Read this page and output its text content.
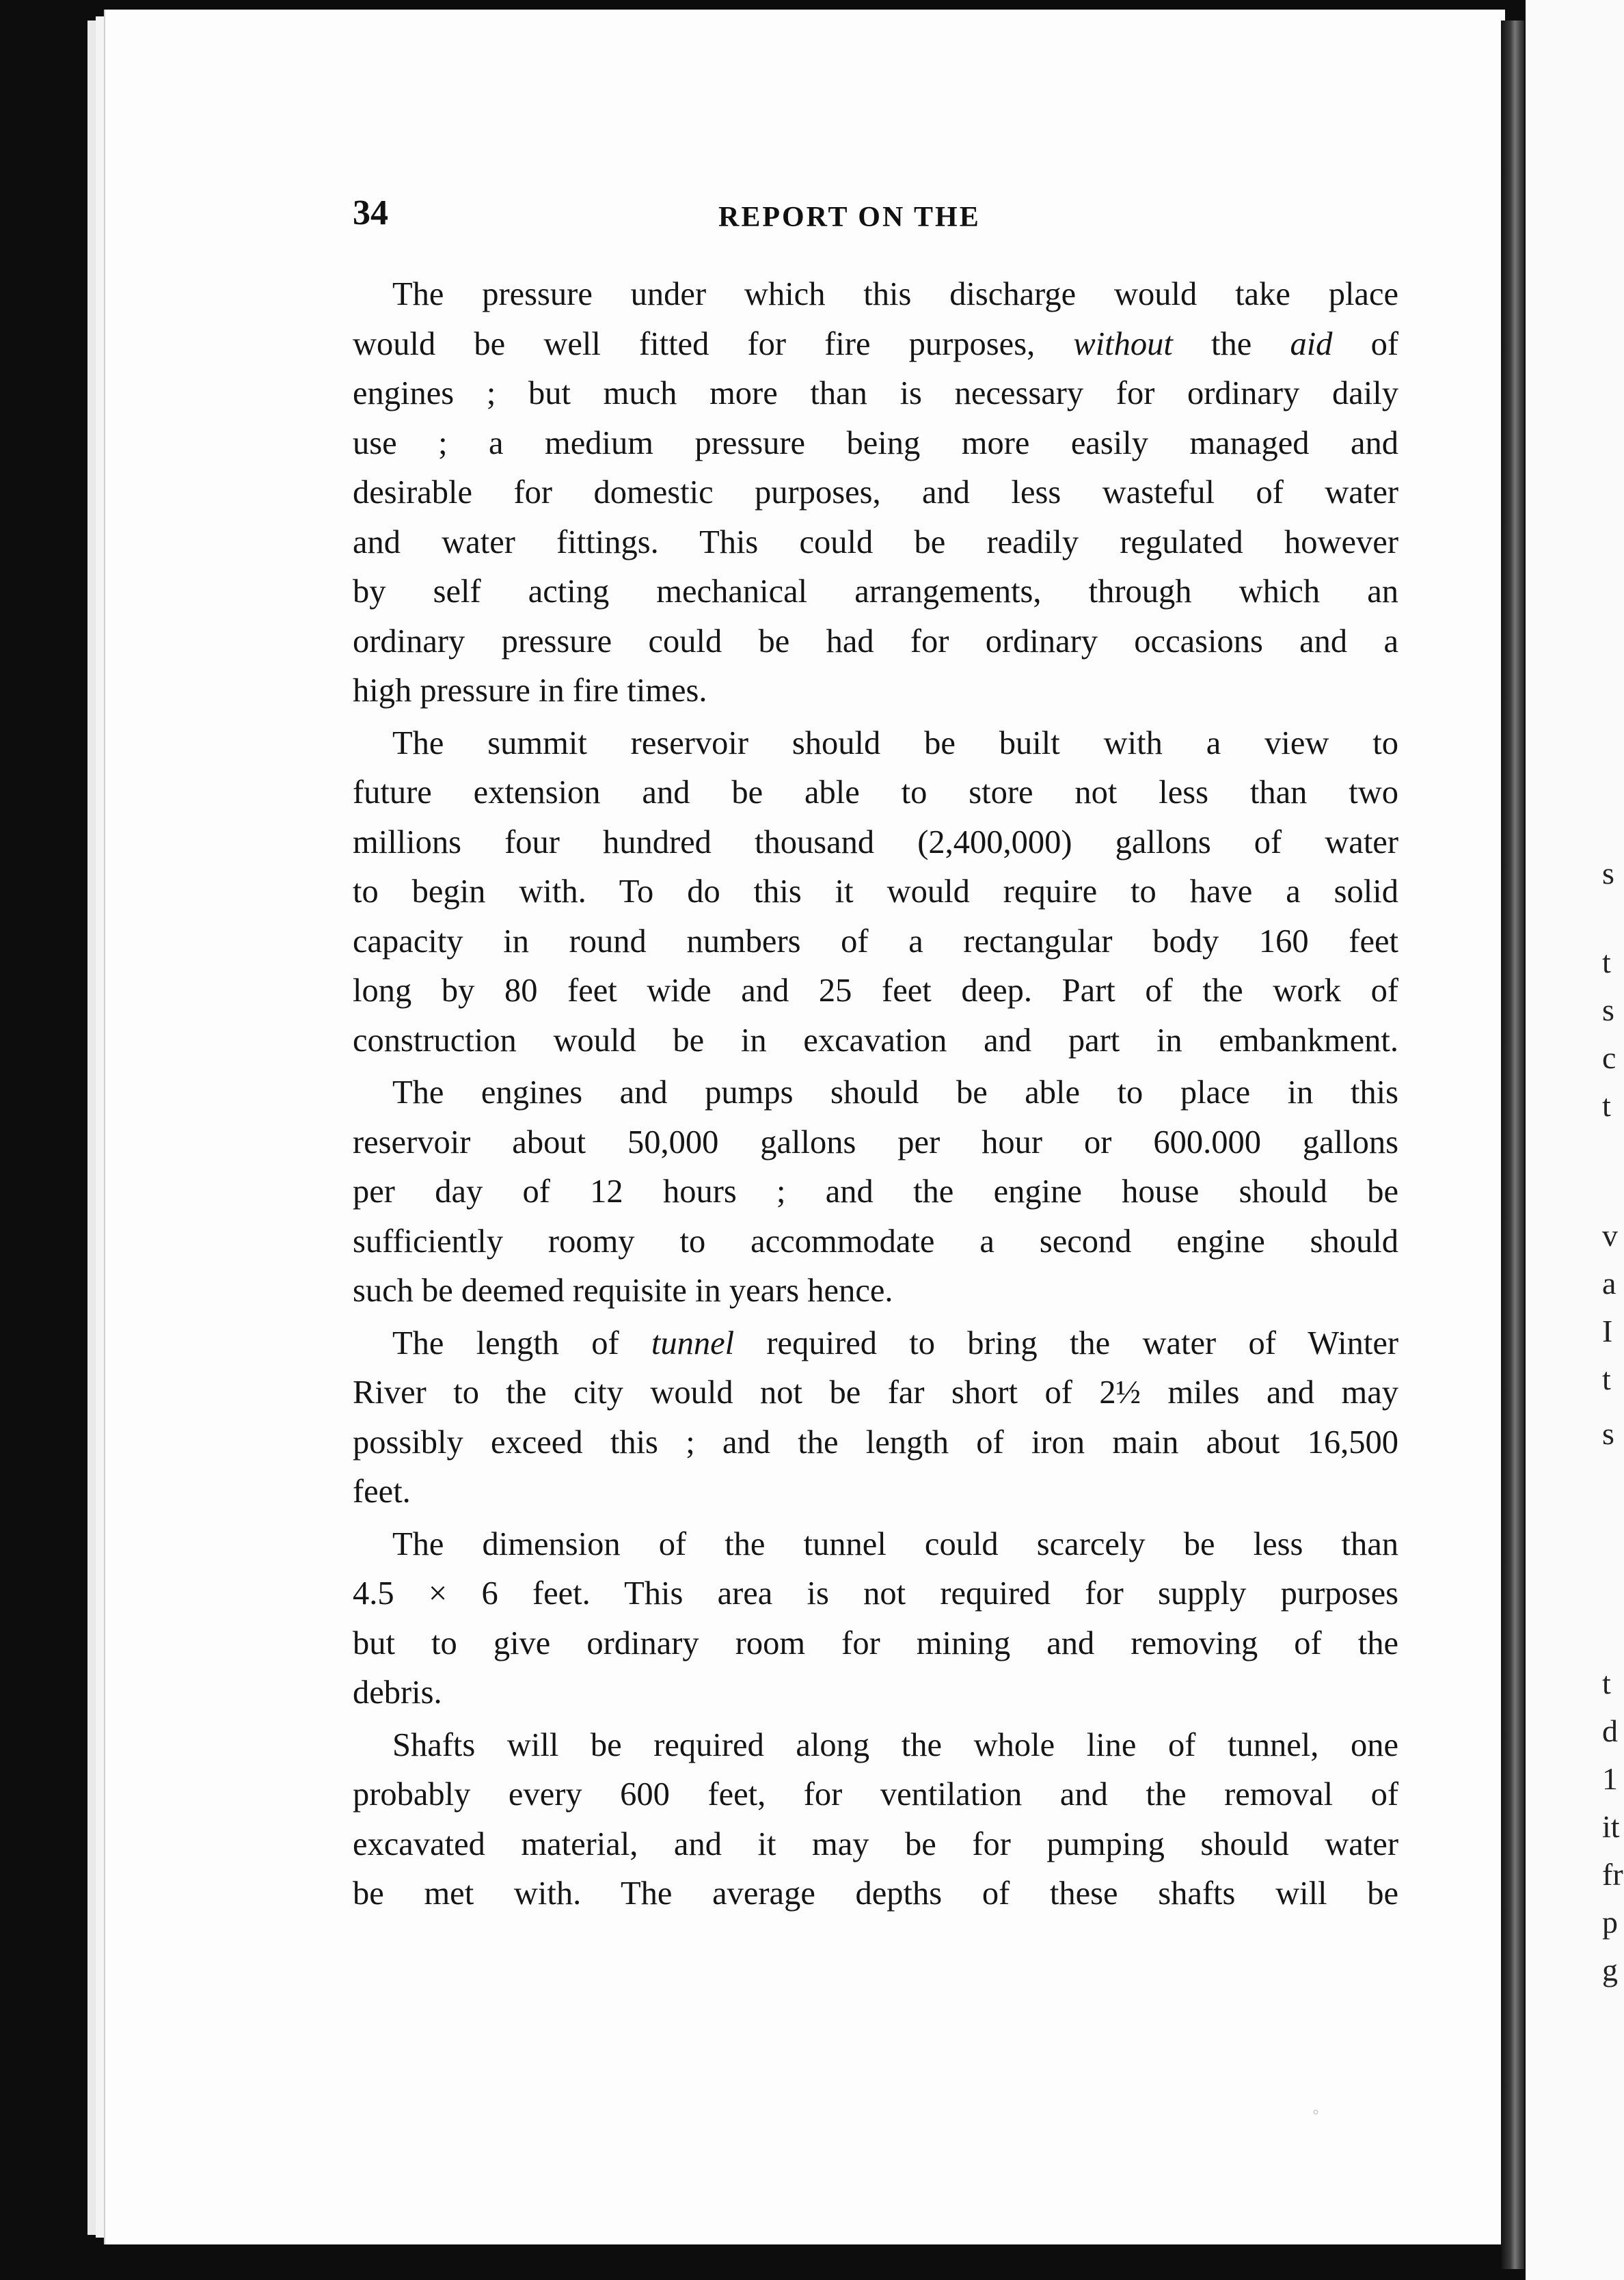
34	REPORT ON THE
The pressure under which this discharge would take place
would be well fitted for fire purposes, without the aid of
engines ; but much more than is necessary for ordinary daily
use ; a medium pressure being more easily managed and
desirable for domestic purposes, and less wasteful of water
and water fittings. This could be readily regulated however
by self acting mechanical arrangements, through which an
ordinary pressure could be had for ordinary occasions and a
high pressure in fire times.
The summit reservoir should be built with a view to
future extension and be able to store not less than two
millions four hundred thousand (2,400,000) gallons of water
to begin with. To do this it would require to have a solid
capacity in round numbers of a rectangular body 160 feet
long by 80 feet wide and 25 feet deep. Part of the work of
construction would be in excavation and part in embankment.
The engines and pumps should be able to place in this
reservoir about 50,000 gallons per hour or 600.000 gallons
per day of 12 hours ; and the engine house should be
sufficiently roomy to accommodate a second engine should
such be deemed requisite in years hence.
The length of tunnel required to bring the water of Winter
River to the city would not be far short of 2½ miles and may
possibly exceed this ; and the length of iron main about 16,500
feet.
The dimension of the tunnel could scarcely be less than
4.5 × 6 feet. This area is not required for supply purposes
but to give ordinary room for mining and removing of the
debris.
Shafts will be required along the whole line of tunnel, one
probably every 600 feet, for ventilation and the removal of
excavated material, and it may be for pumping should water
be met with. The average depths of these shafts will be
◦
s
t
s
c
t
v
a
I
t
s
t
d
1
it
fr
p
g
